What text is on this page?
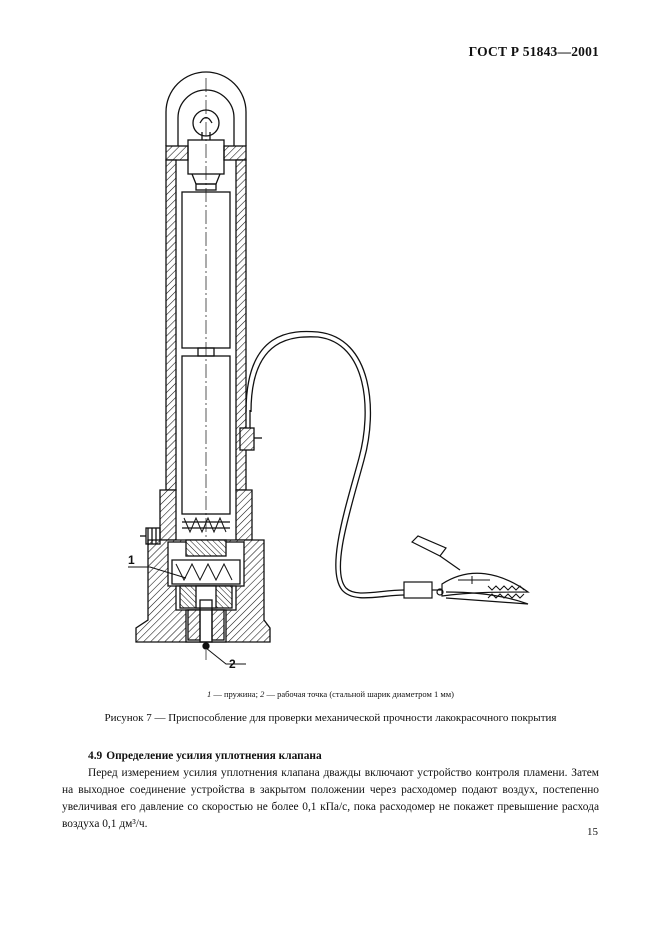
ГОСТ Р 51843—2001
1
2
1 — пружина; 2 — рабочая точка (стальной шарик диаметром 1 мм)
Рисунок 7 — Приспособление для проверки механической прочности лакокрасочного покрытия
4.9 Определение усилия уплотнения клапана
Перед измерением усилия уплотнения клапана дважды включают устройство контроля пламени. Затем на выходное соединение устройства в закрытом положении через расходомер подают воздух, постепенно увеличивая его давление со скоростью не более 0,1 кПа/с, пока расходомер не покажет превышение расхода воздуха 0,1 дм³/ч.
15
